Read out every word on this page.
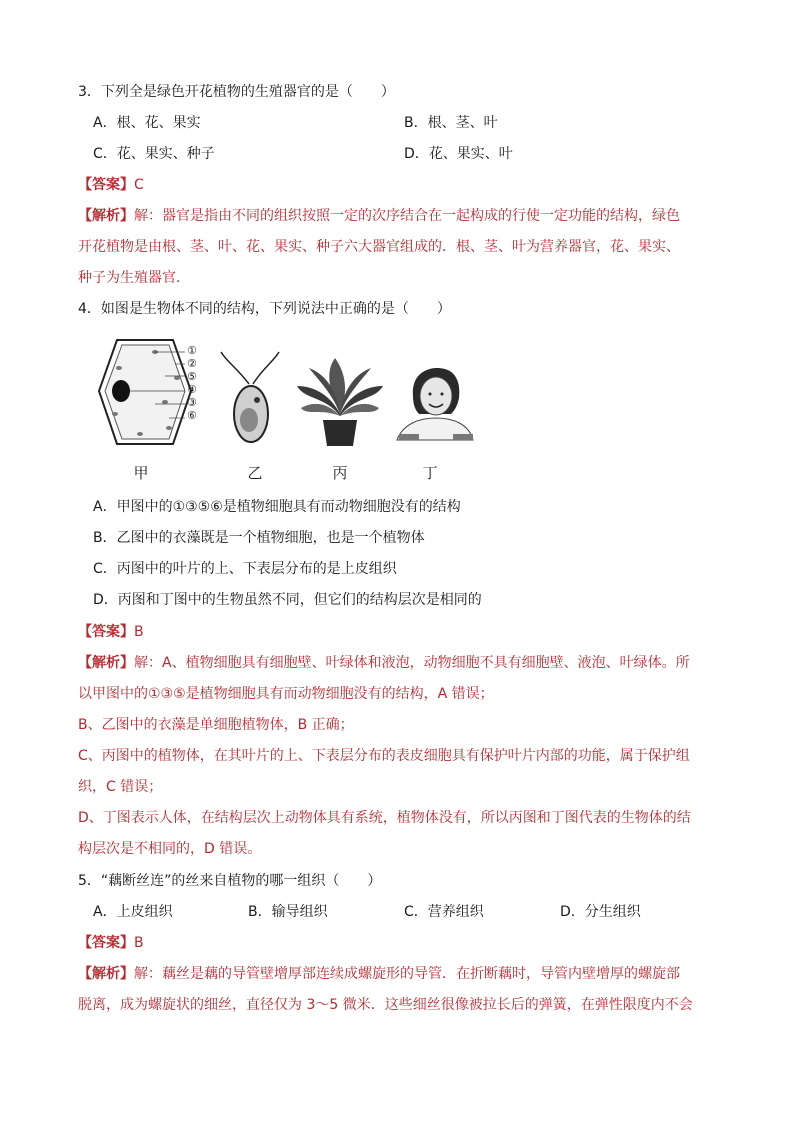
3．下列全是绿色开花植物的生殖器官的是（　　）
A．根、花、果实	B．根、茎、叶
C．花、果实、种子	D．花、果实、叶
【答案】C
【解析】解：器官是指由不同的组织按照一定的次序结合在一起构成的行使一定功能的结构，绿色
开花植物是由根、茎、叶、花、果实、种子六大器官组成的．根、茎、叶为营养器官，花、果实、
种子为生殖器官．
4．如图是生物体不同的结构，下列说法中正确的是（　　）
①
②
⑤
④
③
⑥
甲	乙	丙	丁
A．甲图中的①③⑤⑥是植物细胞具有而动物细胞没有的结构
B．乙图中的衣藻既是一个植物细胞，也是一个植物体
C．丙图中的叶片的上、下表层分布的是上皮组织
D．丙图和丁图中的生物虽然不同，但它们的结构层次是相同的
【答案】B
【解析】解：A、植物细胞具有细胞壁、叶绿体和液泡，动物细胞不具有细胞壁、液泡、叶绿体。所
以甲图中的①③⑤是植物细胞具有而动物细胞没有的结构，A 错误；
B、乙图中的衣藻是单细胞植物体，B 正确；
C、丙图中的植物体，在其叶片的上、下表层分布的表皮细胞具有保护叶片内部的功能，属于保护组
织，C 错误；
D、丁图表示人体，在结构层次上动物体具有系统，植物体没有，所以丙图和丁图代表的生物体的结
构层次是不相同的，D 错误。
5．“藕断丝连”的丝来自植物的哪一组织（　　）
A．上皮组织	B．输导组织	C．营养组织	D．分生组织
【答案】B
【解析】解：藕丝是藕的导管壁增厚部连续成螺旋形的导管．在折断藕时，导管内壁增厚的螺旋部
脱离，成为螺旋状的细丝，直径仅为 3～5 微米．这些细丝很像被拉长后的弹簧，在弹性限度内不会
